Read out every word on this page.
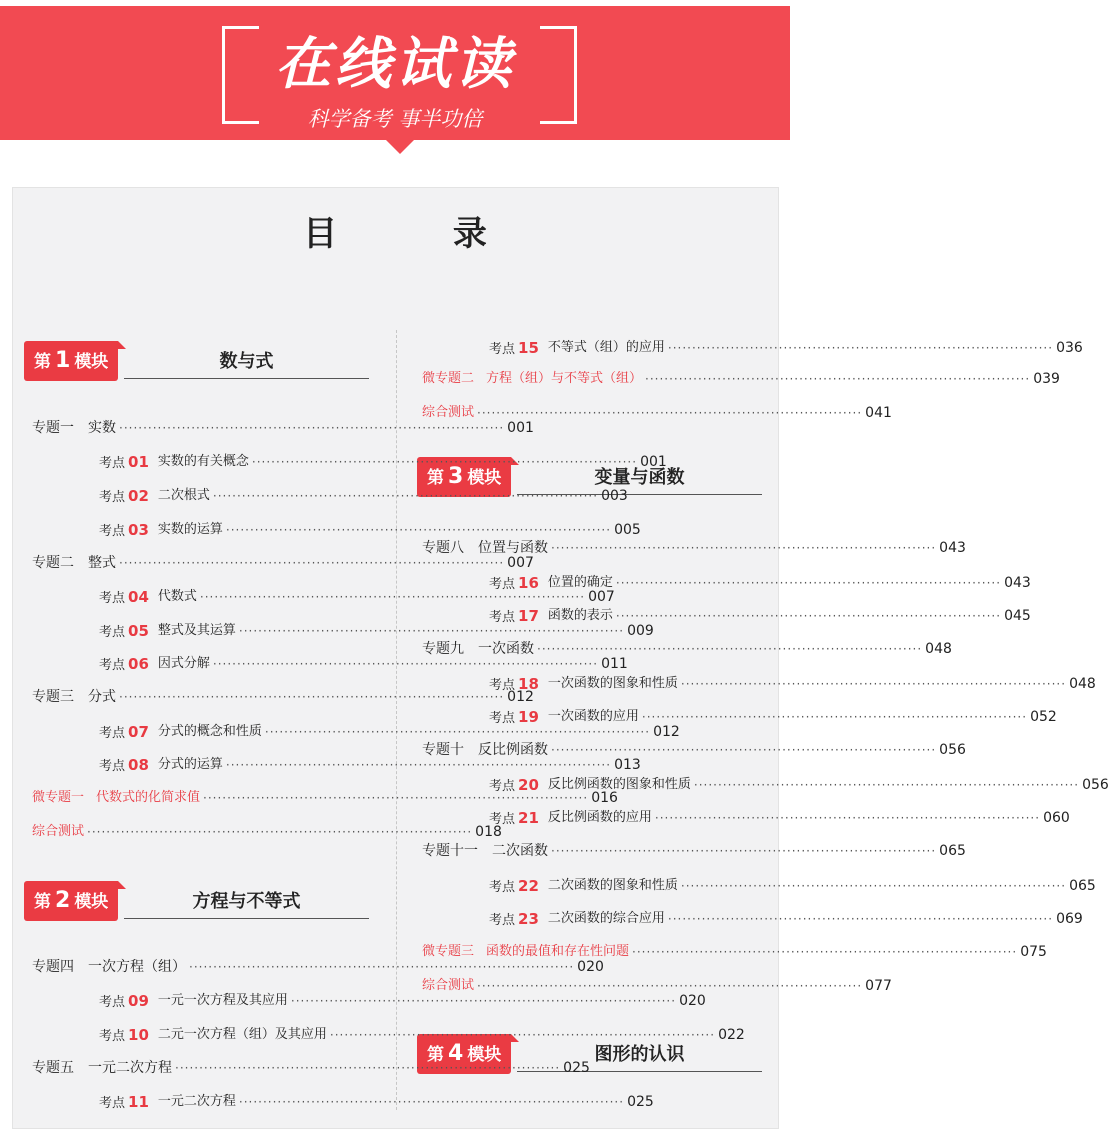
在线试读
科学备考 事半功倍
目 录
第 1 模块	数与式
第 2 模块	方程与不等式
第 3 模块	变量与函数
第 4 模块	图形的认识
专题一	实数 ················································································ 001
考点 01 实数的有关概念 ················································································ 001
考点 02 二次根式 ················································································ 003
考点 03 实数的运算 ················································································ 005
专题二	整式 ················································································ 007
考点 04 代数式 ················································································ 007
考点 05 整式及其运算 ················································································ 009
考点 06 因式分解 ················································································ 011
专题三	分式 ················································································ 012
考点 07 分式的概念和性质 ················································································ 012
考点 08 分式的运算 ················································································ 013
微专题一 代数式的化简求值 ················································································ 016
综合测试 ················································································ 018
专题四	一次方程（组） ················································································ 020
考点 09 一元一次方程及其应用 ················································································ 020
考点 10 二元一次方程（组）及其应用 ················································································ 022
专题五	一元二次方程 ················································································ 025
考点 11 一元二次方程 ················································································ 025
考点 15 不等式（组）的应用 ················································································ 036
微专题二 方程（组）与不等式（组） ················································································ 039
综合测试 ················································································ 041
专题八	位置与函数 ················································································ 043
考点 16 位置的确定 ················································································ 043
考点 17 函数的表示 ················································································ 045
专题九	一次函数 ················································································ 048
考点 18 一次函数的图象和性质 ················································································ 048
考点 19 一次函数的应用 ················································································ 052
专题十	反比例函数 ················································································ 056
考点 20 反比例函数的图象和性质 ················································································ 056
考点 21 反比例函数的应用 ················································································ 060
专题十一	二次函数 ················································································ 065
考点 22 二次函数的图象和性质 ················································································ 065
考点 23 二次函数的综合应用 ················································································ 069
微专题三 函数的最值和存在性问题 ················································································ 075
综合测试 ················································································ 077
